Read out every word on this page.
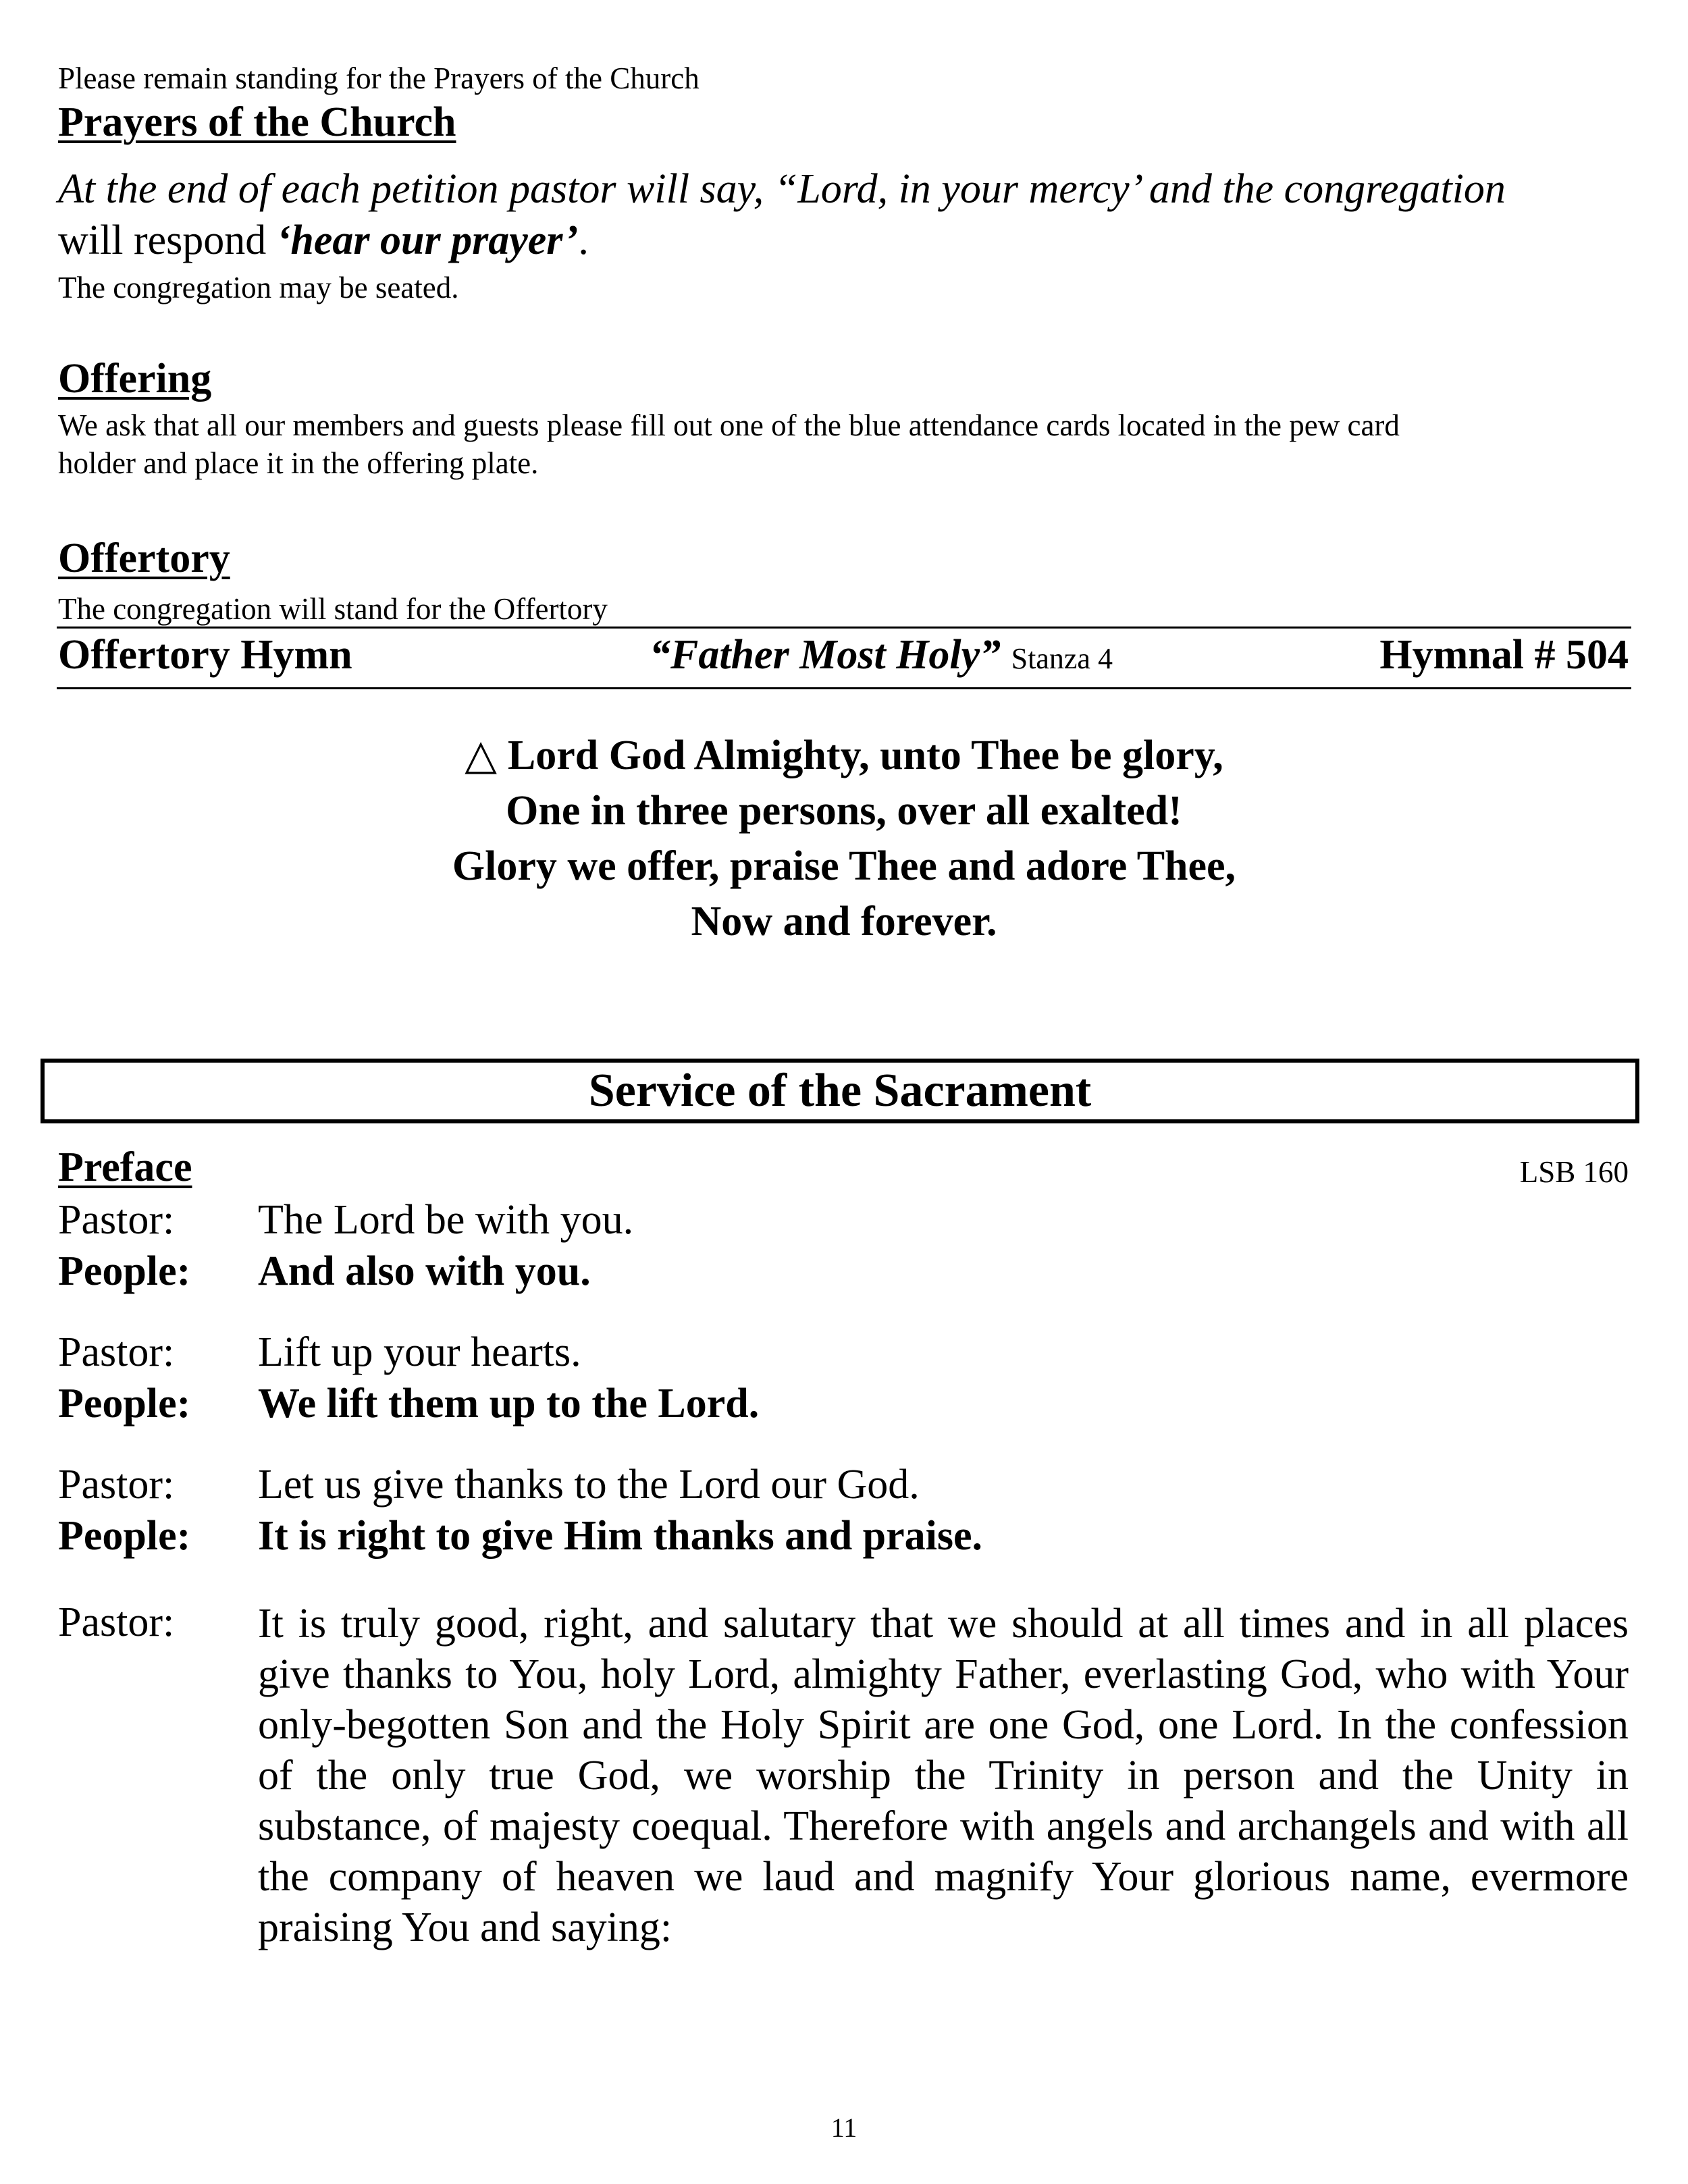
Please remain standing for the Prayers of the Church
Prayers of the Church
At the end of each petition pastor will say, “Lord, in your mercy’ and the congregation
will respond ‘hear our prayer’.
The congregation may be seated.
Offering
We ask that all our members and guests please fill out one of the blue attendance cards located in the pew card
holder and place it in the offering plate.
Offertory
The congregation will stand for the Offertory
Offertory Hymn	“Father Most Holy” Stanza 4	Hymnal # 504
△ Lord God Almighty, unto Thee be glory,
One in three persons, over all exalted!
Glory we offer, praise Thee and adore Thee,
Now and forever.
Service of the Sacrament
Preface	LSB 160
Pastor: The Lord be with you.
People: And also with you.
Pastor: Lift up your hearts.
People: We lift them up to the Lord.
Pastor: Let us give thanks to the Lord our God.
People: It is right to give Him thanks and praise.
Pastor: It is truly good, right, and salutary that we should at all times and in all places give thanks to You, holy Lord, almighty Father, everlasting God, who with Your only-begotten Son and the Holy Spirit are one God, one Lord. In the confession of the only true God, we worship the Trinity in person and the Unity in substance, of majesty coequal. Therefore with angels and archangels and with all the company of heaven we laud and magnify Your glorious name, evermore praising You and saying:
11
